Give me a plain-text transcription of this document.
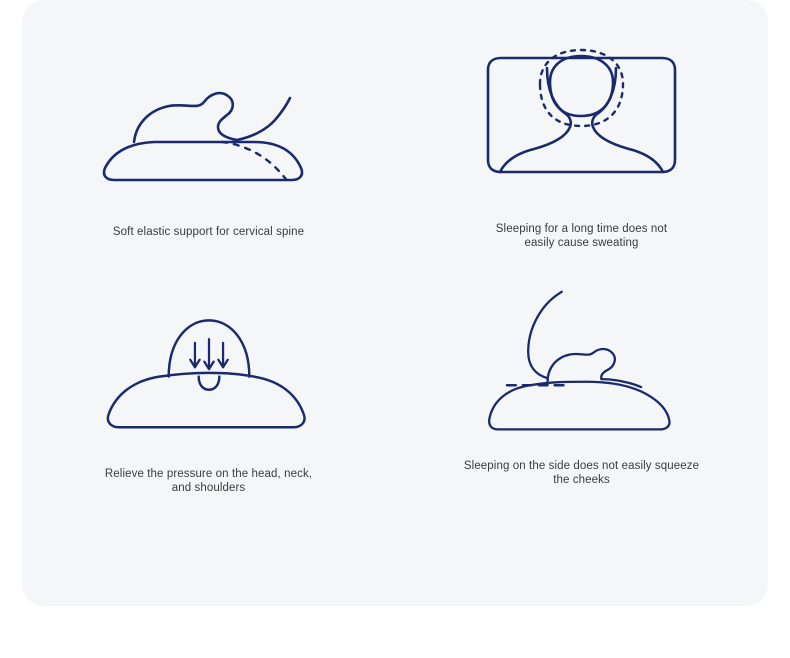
Soft elastic support for cervical spine	Sleeping for a long time does not easily cause sweating
Relieve the pressure on the head, neck, and shoulders
Sleeping on the side does not easily squeeze the cheeks
